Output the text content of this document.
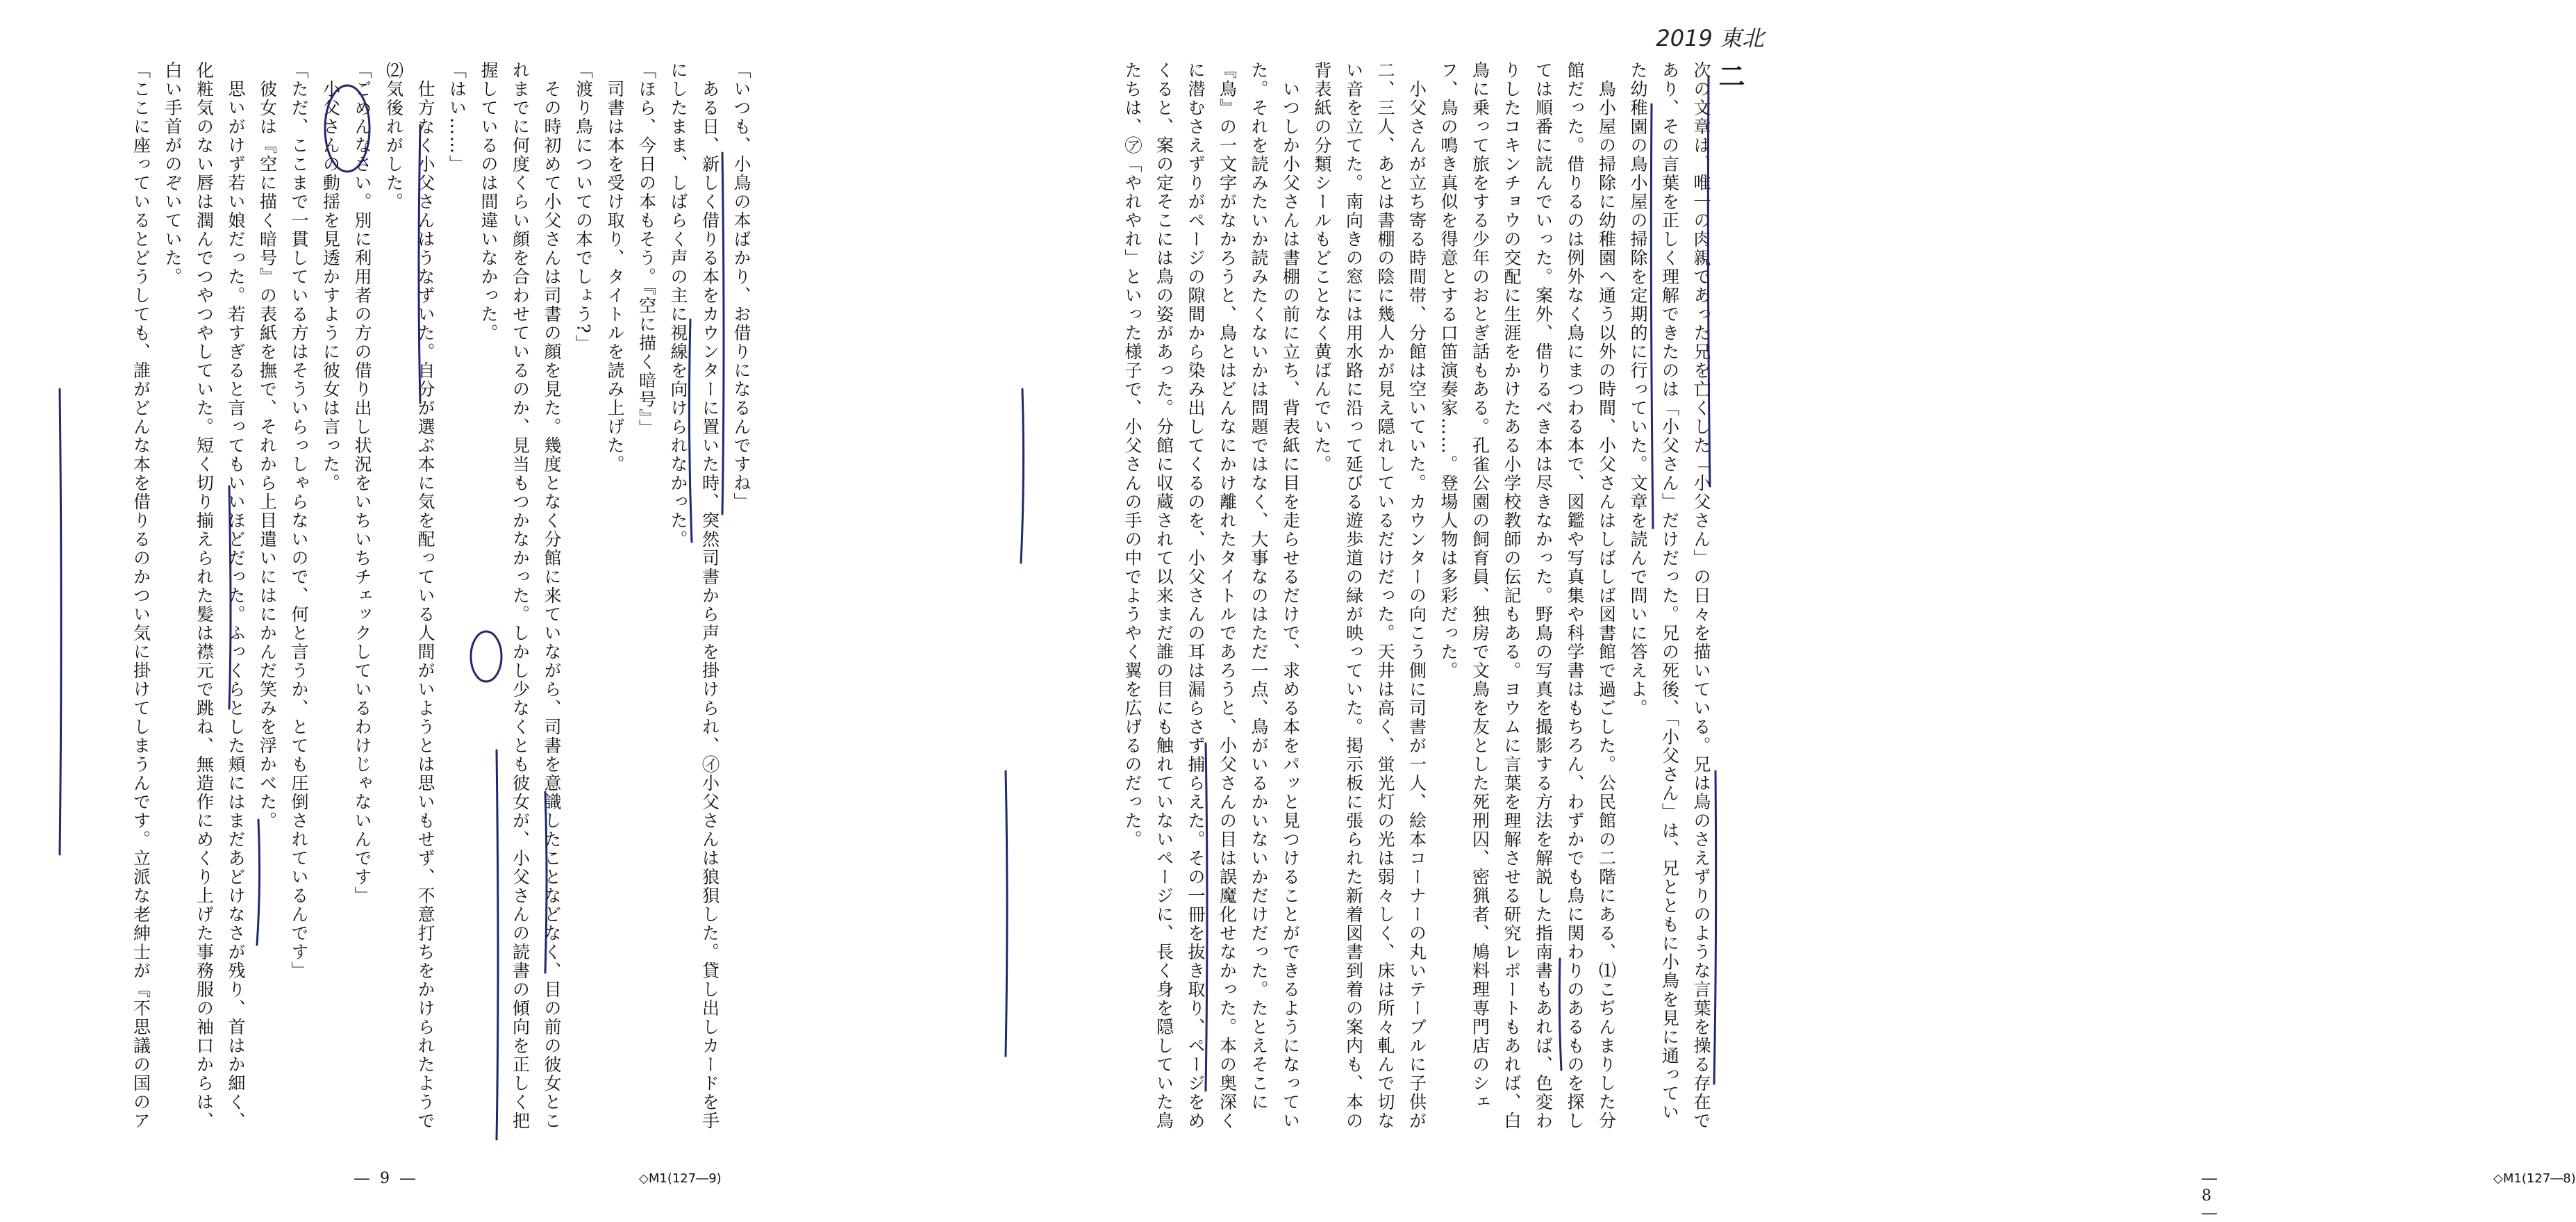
2019 東北
二
次の文章は、唯一の肉親であった兄を亡くした「小父さん」の日々を描いている。兄は鳥のさえずりのような言葉を操る存在であり、その言葉を正しく理解できたのは「小父さん」だけだった。兄の死後、「小父さん」は、兄とともに小鳥を見に通っていた幼稚園の鳥小屋の掃除を定期的に行っていた。文章を読んで問いに答えよ。
　鳥小屋の掃除に幼稚園へ通う以外の時間、小父さんはしばしば図書館で過ごした。公民館の二階にある、⑴こぢんまりした分館だった。借りるのは例外なく鳥にまつわる本で、図鑑や写真集や科学書はもちろん、わずかでも鳥に関わりのあるものを探しては順番に読んでいった。案外、借りるべき本は尽きなかった。野鳥の写真を撮影する方法を解説した指南書もあれば、色変わりしたコキンチョウの交配に生涯をかけたある小学校教師の伝記もある。ヨウムに言葉を理解させる研究レポートもあれば、白鳥に乗って旅をする少年のおとぎ話もある。孔雀公園の飼育員、独房で文鳥を友とした死刑囚、密猟者、鳩料理専門店のシェフ、鳥の鳴き真似を得意とする口笛演奏家……。登場人物は多彩だった。
　小父さんが立ち寄る時間帯、分館は空いていた。カウンターの向こう側に司書が一人、絵本コーナーの丸いテーブルに子供が二、三人、あとは書棚の陰に幾人かが見え隠れしているだけだった。天井は高く、蛍光灯の光は弱々しく、床は所々軋んで切ない音を立てた。南向きの窓には用水路に沿って延びる遊歩道の緑が映っていた。掲示板に張られた新着図書到着の案内も、本の背表紙の分類シールもどことなく黄ばんでいた。
　いつしか小父さんは書棚の前に立ち、背表紙に目を走らせるだけで、求める本をパッと見つけることができるようになっていた。それを読みたいか読みたくないかは問題ではなく、大事なのはただ一点、鳥がいるかいないかだけだった。たとえそこに『鳥』の一文字がなかろうと、鳥とはどんなにかけ離れたタイトルであろうと、小父さんの目は誤魔化せなかった。本の奥深くに潜むさえずりがページの隙間から染み出してくるのを、小父さんの耳は漏らさず捕らえた。その一冊を抜き取り、ページをめくると、案の定そこには鳥の姿があった。分館に収蔵されて以来まだ誰の目にも触れていないページに、長く身を隠していた鳥たちは、㋐「やれやれ」といった様子で、小父さんの手の中でようやく翼を広げるのだった。
― 8 ―
◇M1(127―8)
「いつも、小鳥の本ばかり、お借りになるんですね」
　ある日、新しく借りる本をカウンターに置いた時、突然司書から声を掛けられ、㋑小父さんは狼狽した。貸し出しカードを手にしたまま、しばらく声の主に視線を向けられなかった。
「ほら、今日の本もそう。『空に描く暗号』」
　司書は本を受け取り、タイトルを読み上げた。
「渡り鳥についての本でしょう?」
　その時初めて小父さんは司書の顔を見た。幾度となく分館に来ていながら、司書を意識したことなどなく、目の前の彼女とこれまでに何度くらい顔を合わせているのか、見当もつかなかった。しかし少なくとも彼女が、小父さんの読書の傾向を正しく把握しているのは間違いなかった。
「はい……」
　仕方なく小父さんはうなずいた。自分が選ぶ本に気を配っている人間がいようとは思いもせず、不意打ちをかけられたようで⑵気後れがした。
「ごめんなさい。別に利用者の方の借り出し状況をいちいちチェックしているわけじゃないんです」
　小父さんの動揺を見透かすように彼女は言った。
「ただ、ここまで一貫している方はそういらっしゃらないので、何と言うか、とても圧倒されているんです」
　彼女は『空に描く暗号』の表紙を撫で、それから上目遣いにはにかんだ笑みを浮かべた。
　思いがけず若い娘だった。若すぎると言ってもいいほどだった。ふっくらとした頬にはまだあどけなさが残り、首はか細く、化粧気のない唇は潤んでつやつやしていた。短く切り揃えられた髪は襟元で跳ね、無造作にめくり上げた事務服の袖口からは、白い手首がのぞいていた。
「ここに座っているとどうしても、誰がどんな本を借りるのかつい気に掛けてしまうんです。立派な老紳士が『不思議の国のア
― 9 ―	◇M1(127―9)
